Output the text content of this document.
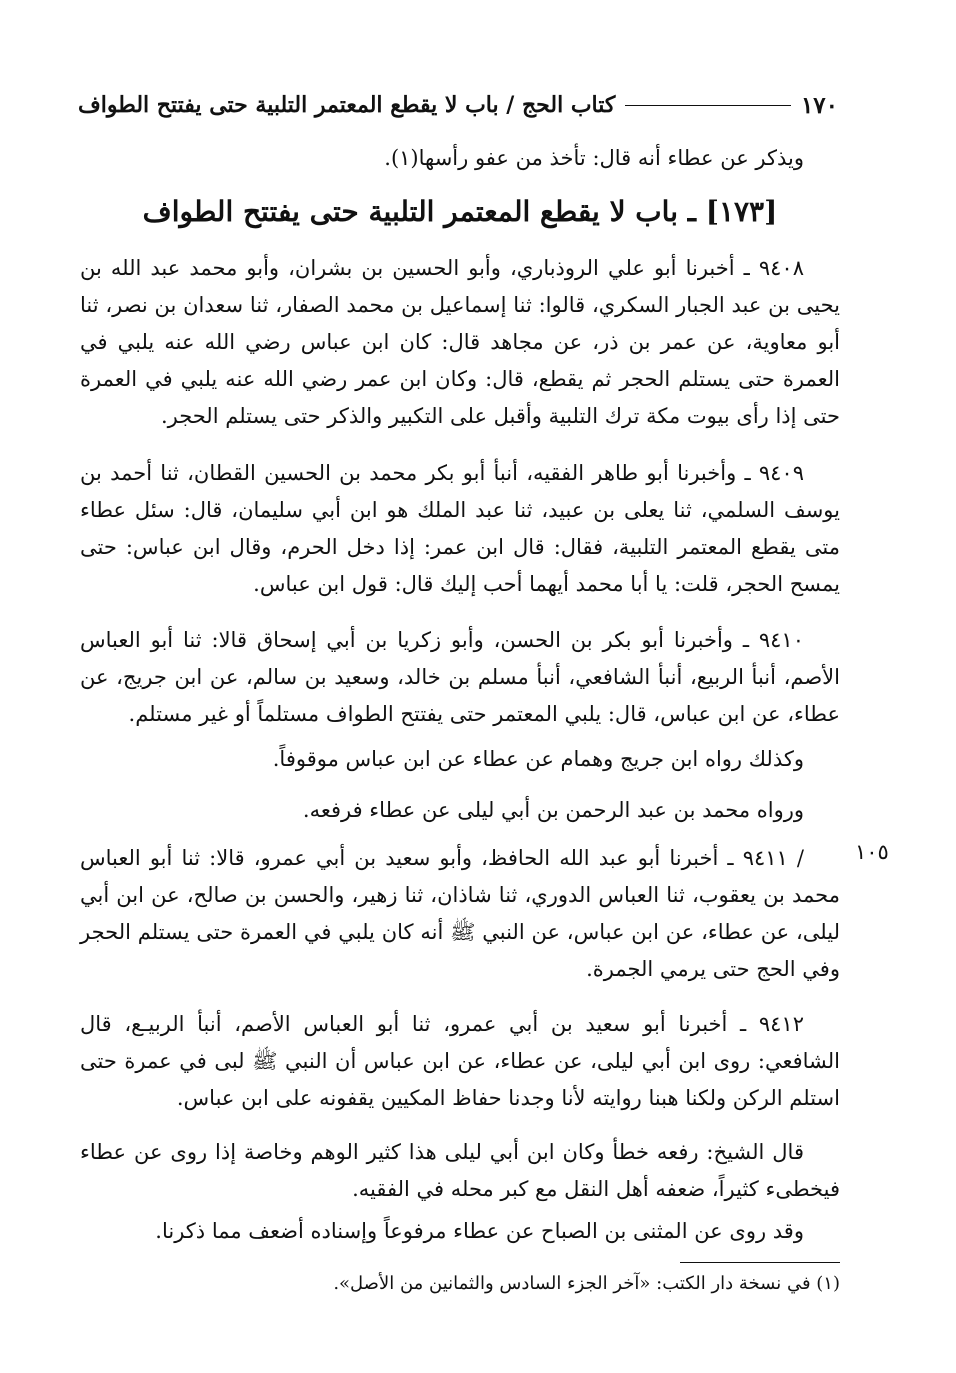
١٧٠
كتاب الحج / باب لا يقطع المعتمر التلبية حتى يفتتح الطواف
ويذكر عن عطاء أنه قال: تأخذ من عفو رأسها(١).
[١٧٣] ـ باب لا يقطع المعتمر التلبية حتى يفتتح الطواف
٩٤٠٨ ـ أخبرنا أبو علي الروذباري، وأبو الحسين بن بشران، وأبو محمد عبد الله بن يحيى بن عبد الجبار السكري، قالوا: ثنا إسماعيل بن محمد الصفار، ثنا سعدان بن نصر، ثنا أبو معاوية، عن عمر بن ذر، عن مجاهد قال: كان ابن عباس رضي الله عنه يلبي في العمرة حتى يستلم الحجر ثم يقطع، قال: وكان ابن عمر رضي الله عنه يلبي في العمرة حتى إذا رأى بيوت مكة ترك التلبية وأقبل على التكبير والذكر حتى يستلم الحجر.
٩٤٠٩ ـ وأخبرنا أبو طاهر الفقيه، أنبأ أبو بكر محمد بن الحسين القطان، ثنا أحمد بن يوسف السلمي، ثنا يعلى بن عبيد، ثنا عبد الملك هو ابن أبي سليمان، قال: سئل عطاء متى يقطع المعتمر التلبية، فقال: قال ابن عمر: إذا دخل الحرم، وقال ابن عباس: حتى يمسح الحجر، قلت: يا أبا محمد أيهما أحب إليك قال: قول ابن عباس.
٩٤١٠ ـ وأخبرنا أبو بكر بن الحسن، وأبو زكريا بن أبي إسحاق قالا: ثنا أبو العباس الأصم، أنبأ الربيع، أنبأ الشافعي، أنبأ مسلم بن خالد، وسعيد بن سالم، عن ابن جريج، عن عطاء، عن ابن عباس، قال: يلبي المعتمر حتى يفتتح الطواف مستلماً أو غير مستلم.
وكذلك رواه ابن جريج وهمام عن عطاء عن ابن عباس موقوفاً.
ورواه محمد بن عبد الرحمن بن أبي ليلى عن عطاء فرفعه.
١٠٥
/ ٩٤١١ ـ أخبرنا أبو عبد الله الحافظ، وأبو سعيد بن أبي عمرو، قالا: ثنا أبو العباس محمد بن يعقوب، ثنا العباس الدوري، ثنا شاذان، ثنا زهير، والحسن بن صالح، عن ابن أبي ليلى، عن عطاء، عن ابن عباس، عن النبي ﷺ أنه كان يلبي في العمرة حتى يستلم الحجر وفي الحج حتى يرمي الجمرة.
٩٤١٢ ـ أخبرنا أبو سعيد بن أبي عمرو، ثنا أبو العباس الأصم، أنبأ الربيـع، قال الشافعي: روى ابن أبي ليلى، عن عطاء، عن ابن عباس أن النبي ﷺ لبى في عمرة حتى استلم الركن ولكنا هبنا روايته لأنا وجدنا حفاظ المكيين يقفونه على ابن عباس.
قال الشيخ: رفعه خطأ وكان ابن أبي ليلى هذا كثير الوهم وخاصة إذا روى عن عطاء فيخطىء كثيراً، ضعفه أهل النقل مع كبر محله في الفقيه.
وقد روى عن المثنى بن الصباح عن عطاء مرفوعاً وإسناده أضعف مما ذكرنا.
(١) في نسخة دار الكتب: «آخر الجزء السادس والثمانين من الأصل».
